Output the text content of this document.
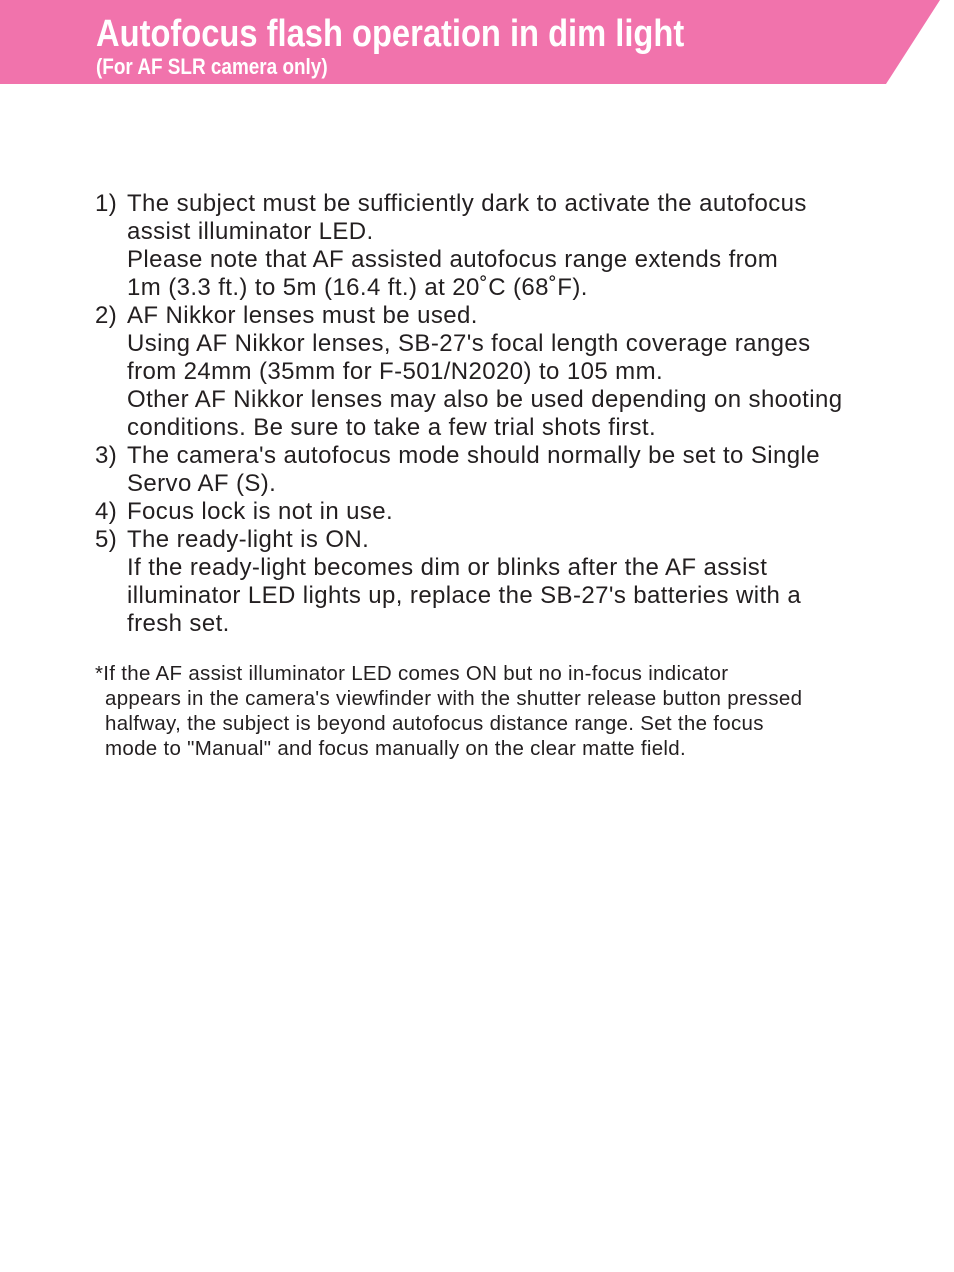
Autofocus flash operation in dim light
(For AF SLR camera only)
1) The subject must be sufficiently dark to activate the autofocus
assist illuminator LED.
Please note that AF assisted autofocus range extends from
1m (3.3 ft.) to 5m (16.4 ft.) at 20˚C (68˚F).
2) AF Nikkor lenses must be used.
Using AF Nikkor lenses, SB-27's focal length coverage ranges
from 24mm (35mm for F-501/N2020) to 105 mm.
Other AF Nikkor lenses may also be used depending on shooting
conditions. Be sure to take a few trial shots first.
3) The camera's autofocus mode should normally be set to Single
Servo AF (S).
4) Focus lock is not in use.
5) The ready-light is ON.
If the ready-light becomes dim or blinks after the AF assist
illuminator LED lights up, replace the SB-27's batteries with a
fresh set.
*If the AF assist illuminator LED comes ON but no in-focus indicator
appears in the camera's viewfinder with the shutter release button pressed
halfway, the subject is beyond autofocus distance range. Set the focus
mode to "Manual" and focus manually on the clear matte field.
